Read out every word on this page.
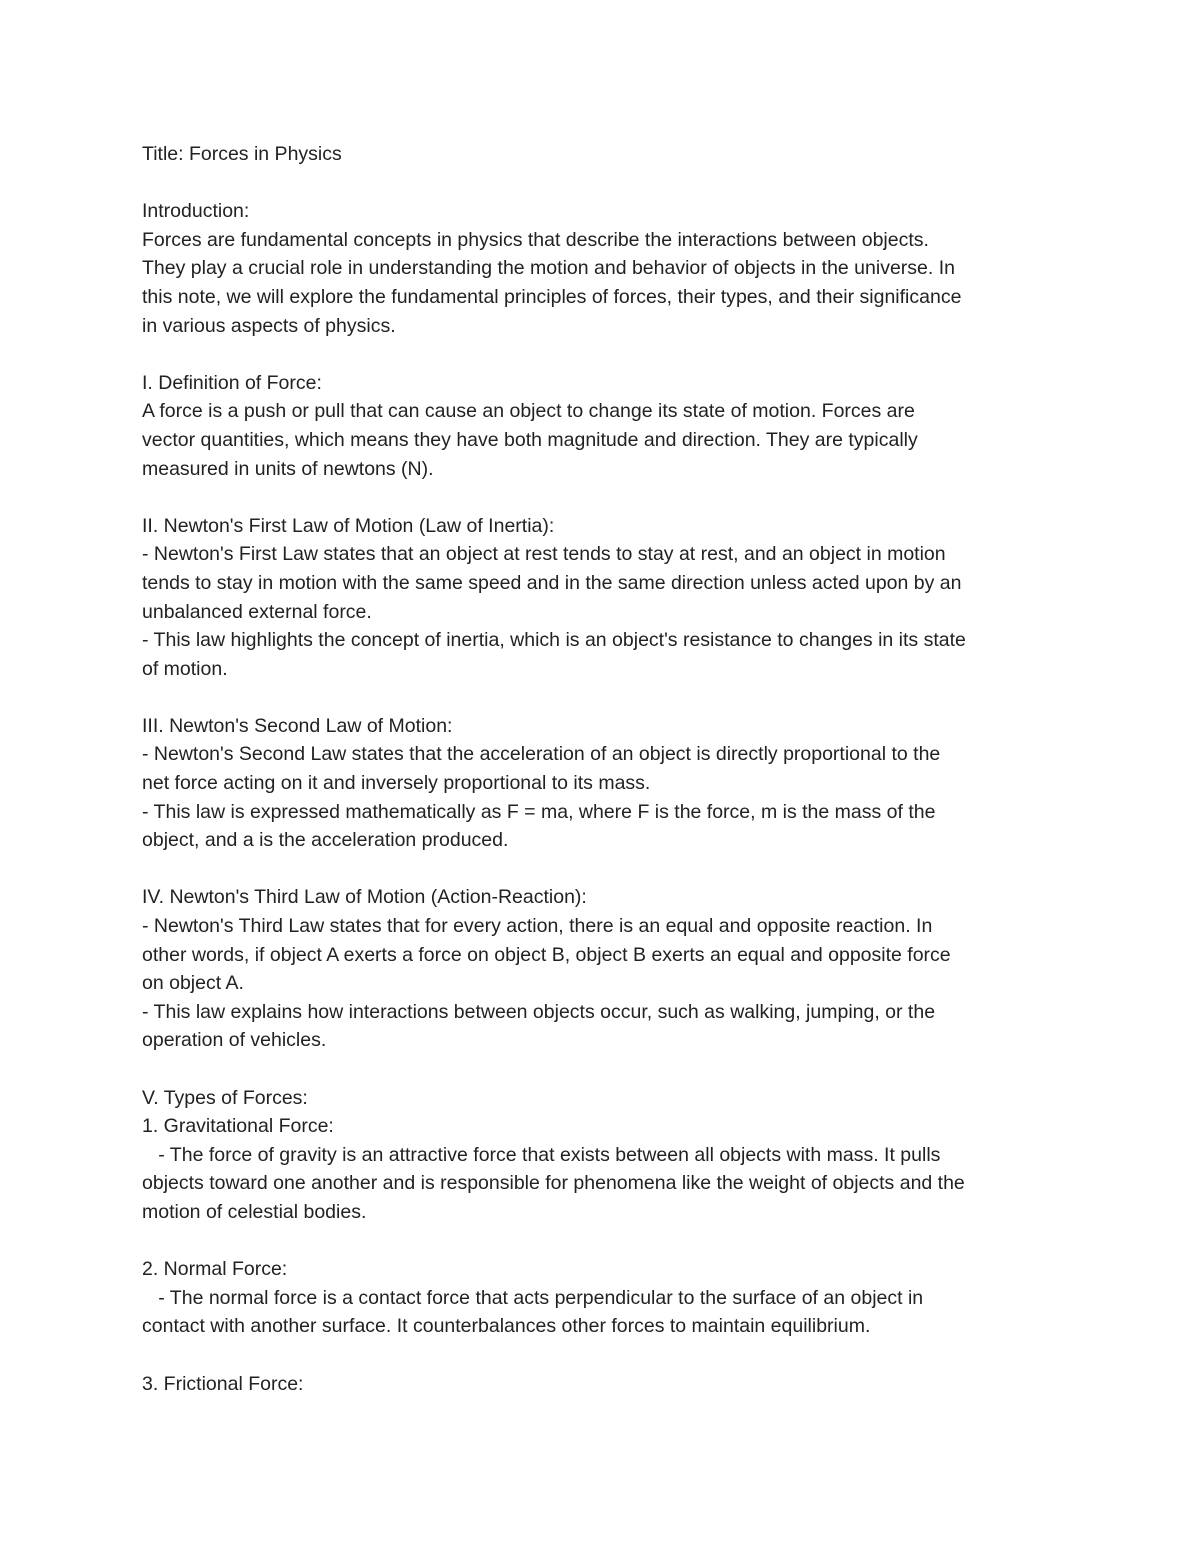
Title: Forces in Physics
Introduction:
Forces are fundamental concepts in physics that describe the interactions between objects.
They play a crucial role in understanding the motion and behavior of objects in the universe. In
this note, we will explore the fundamental principles of forces, their types, and their significance
in various aspects of physics.
I. Definition of Force:
A force is a push or pull that can cause an object to change its state of motion. Forces are
vector quantities, which means they have both magnitude and direction. They are typically
measured in units of newtons (N).
II. Newton's First Law of Motion (Law of Inertia):
- Newton's First Law states that an object at rest tends to stay at rest, and an object in motion
tends to stay in motion with the same speed and in the same direction unless acted upon by an
unbalanced external force.
- This law highlights the concept of inertia, which is an object's resistance to changes in its state
of motion.
III. Newton's Second Law of Motion:
- Newton's Second Law states that the acceleration of an object is directly proportional to the
net force acting on it and inversely proportional to its mass.
- This law is expressed mathematically as F = ma, where F is the force, m is the mass of the
object, and a is the acceleration produced.
IV. Newton's Third Law of Motion (Action-Reaction):
- Newton's Third Law states that for every action, there is an equal and opposite reaction. In
other words, if object A exerts a force on object B, object B exerts an equal and opposite force
on object A.
- This law explains how interactions between objects occur, such as walking, jumping, or the
operation of vehicles.
V. Types of Forces:
1. Gravitational Force:
- The force of gravity is an attractive force that exists between all objects with mass. It pulls
objects toward one another and is responsible for phenomena like the weight of objects and the
motion of celestial bodies.
2. Normal Force:
- The normal force is a contact force that acts perpendicular to the surface of an object in
contact with another surface. It counterbalances other forces to maintain equilibrium.
3. Frictional Force:
